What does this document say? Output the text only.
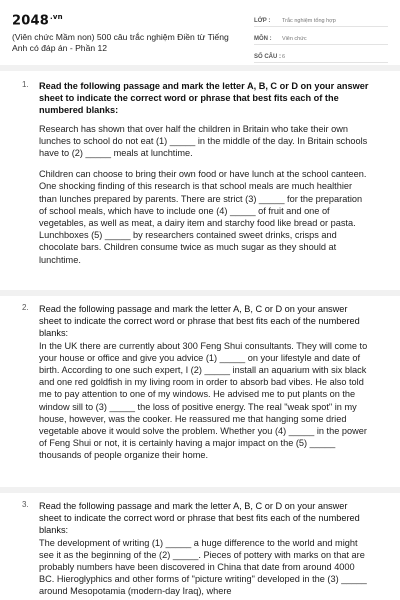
$2048^{.vn}$
(Viên chức Mầm non) 500 câu trắc nghiệm Điền từ Tiếng Anh có đáp án - Phần 12
LỚP :	Trắc nghiệm tổng hợp
MÔN :	Viên chức
SỐ CÂU : 6
1. Read the following passage and mark the letter A, B, C or D on your answer sheet to indicate the correct word or phrase that best fits each of the numbered blanks:

Research has shown that over half the children in Britain who take their own lunches to school do not eat (1) _____ in the middle of the day. In Britain schools have to (2) _____ meals at lunchtime.

Children can choose to bring their own food or have lunch at the school canteen. One shocking finding of this research is that school meals are much healthier than lunches prepared by parents. There are strict (3) _____ for the preparation of school meals, which have to include one (4) _____ of fruit and one of vegetables, as well as meat, a dairy item and starchy food like bread or pasta. Lunchboxes (5) _____ by researchers contained sweet drinks, crisps and chocolate bars. Children consume twice as much sugar as they should at lunchtime.

2. Read the following passage and mark the letter A, B, C or D on your answer sheet to indicate the correct word or phrase that best fits each of the numbered blanks:

In the UK there are currently about 300 Feng Shui consultants. They will come to your house or office and give you advice (1) _____ on your lifestyle and date of birth. According to one such expert, I (2) _____ install an aquarium with six black and one red goldfish in my living room in order to absorb bad vibes. He also told me to pay attention to one of my windows. He advised me to put plants on the window sill to (3) _____ the loss of positive energy. The real "weak spot" in my house, however, was the cooker. He reassured me that hanging some dried vegetable above it would solve the problem. Whether you (4) _____ in the power of Feng Shui or not, it is certainly having a major impact on the (5) _____ thousands of people organize their home.

3. Read the following passage and mark the letter A, B, C or D on your answer sheet to indicate the correct word or phrase that best fits each of the numbered blanks:

The development of writing (1) _____ a huge difference to the world and might see it as the beginning of the (2) _____. Pieces of pottery with marks on that are probably numbers have been discovered in China that date from around 4000 BC. Hieroglyphics and other forms of "picture writing" developed in the (3) _____ around Mesopotamia (modern-day Iraq), where
